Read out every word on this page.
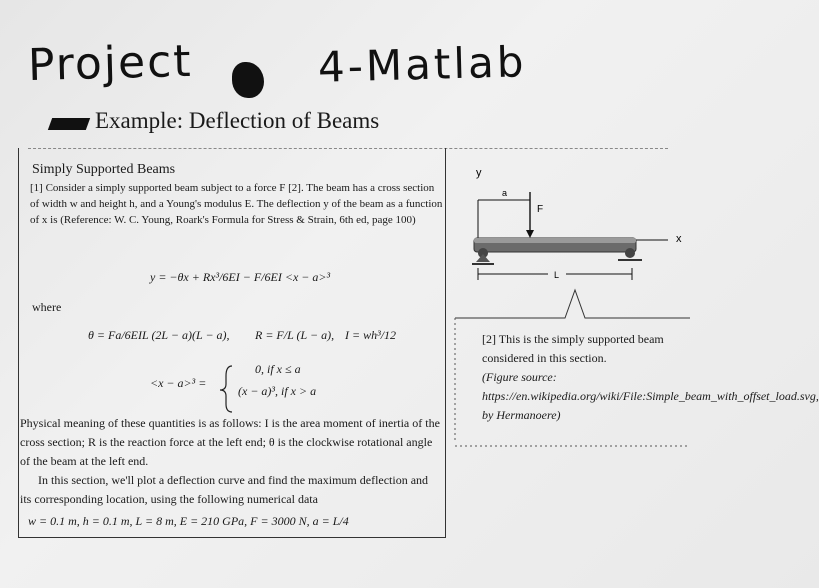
Project	4-Matlab
Example: Deflection of Beams
Simply Supported Beams
[1] Consider a simply supported beam subject to a force F [2]. The beam has a cross section of width w and height h, and a Young's modulus E. The deflection y of the beam as a function of x is (Reference: W. C. Young, Roark's Formula for Stress & Strain, 6th ed, page 100)
y = −θx + Rx³/6EI − F/6EI <x − a>³
where
θ = Fa/6EIL (2L − a)(L − a), R = F/L (L − a), I = wh³/12
<x − a>³ =
0, if x ≤ a
(x − a)³, if x > a
Physical meaning of these quantities is as follows: I is the area moment of inertia of the cross section; R is the reaction force at the left end; θ is the clockwise rotational angle of the beam at the left end.
In this section, we'll plot a deflection curve and find the maximum deflection and its corresponding location, using the following numerical data
w = 0.1 m, h = 0.1 m, L = 8 m, E = 210 GPa, F = 3000 N, a = L/4
[2] This is the simply supported beam considered in this section.
(Figure source: https://en.wikipedia.org/wiki/File:Simple_beam_with_offset_load.svg, by Hermanoere)
y
a
F
x
L
